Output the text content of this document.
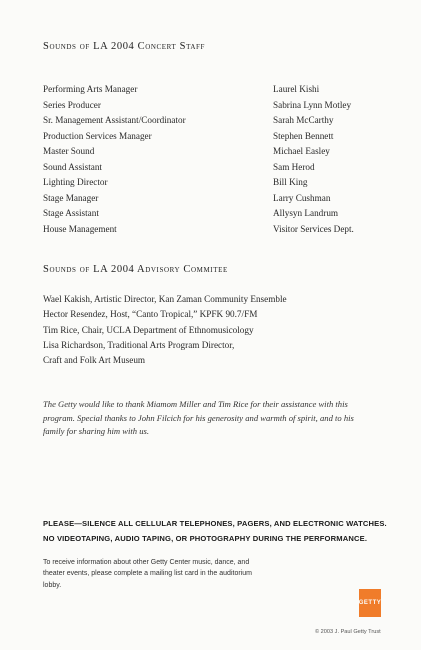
Sounds of LA 2004 Concert Staff
Performing Arts Manager	Laurel Kishi
Series Producer	Sabrina Lynn Motley
Sr. Management Assistant/Coordinator	Sarah McCarthy
Production Services Manager	Stephen Bennett
Master Sound	Michael Easley
Sound Assistant	Sam Herod
Lighting Director	Bill King
Stage Manager	Larry Cushman
Stage Assistant	Allysyn Landrum
House Management	Visitor Services Dept.
Sounds of LA 2004 Advisory Commitee
Wael Kakish, Artistic Director, Kan Zaman Community Ensemble
Hector Resendez, Host, “Canto Tropical,” KPFK 90.7/FM
Tim Rice, Chair, UCLA Department of Ethnomusicology
Lisa Richardson, Traditional Arts Program Director,
Craft and Folk Art Museum
The Getty would like to thank Miamom Miller and Tim Rice for their assistance with this program. Special thanks to John Filcich for his generosity and warmth of spirit, and to his family for sharing him with us.
PLEASE—SILENCE ALL CELLULAR TELEPHONES, PAGERS, AND ELECTRONIC WATCHES.
NO VIDEOTAPING, AUDIO TAPING, OR PHOTOGRAPHY DURING THE PERFORMANCE.
To receive information about other Getty Center music, dance, and theater events, please complete a mailing list card in the auditorium lobby.
GETTY
© 2003 J. Paul Getty Trust
